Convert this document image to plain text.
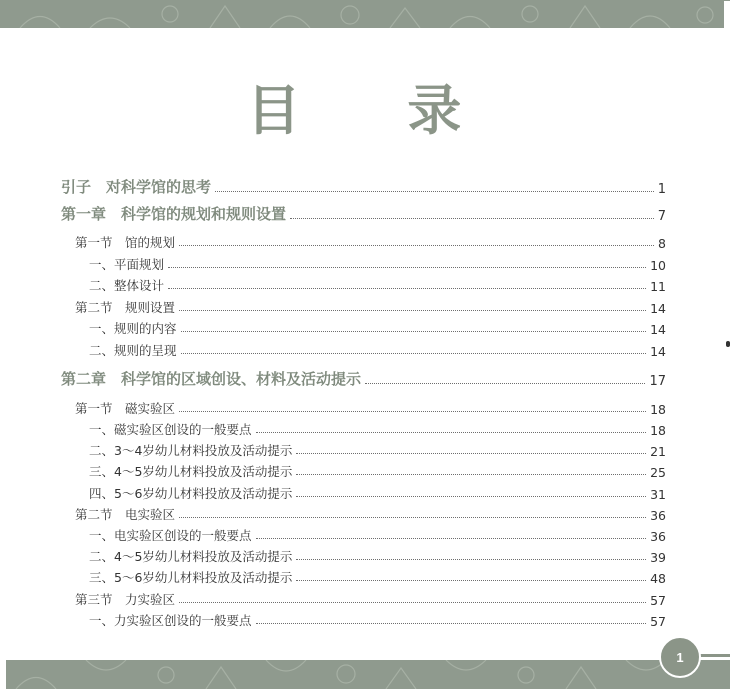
目 录
引子　对科学馆的思考	1
第一章　科学馆的规划和规则设置	7
第一节　馆的规划	8
一、平面规划	10
二、整体设计	11
第二节　规则设置	14
一、规则的内容	14
二、规则的呈现	14
第二章　科学馆的区域创设、材料及活动提示	17
第一节　磁实验区	18
一、磁实验区创设的一般要点	18
二、3～4岁幼儿材料投放及活动提示	21
三、4～5岁幼儿材料投放及活动提示	25
四、5～6岁幼儿材料投放及活动提示	31
第二节　电实验区	36
一、电实验区创设的一般要点	36
二、4～5岁幼儿材料投放及活动提示	39
三、5～6岁幼儿材料投放及活动提示	48
第三节　力实验区	57
一、力实验区创设的一般要点	57
1
